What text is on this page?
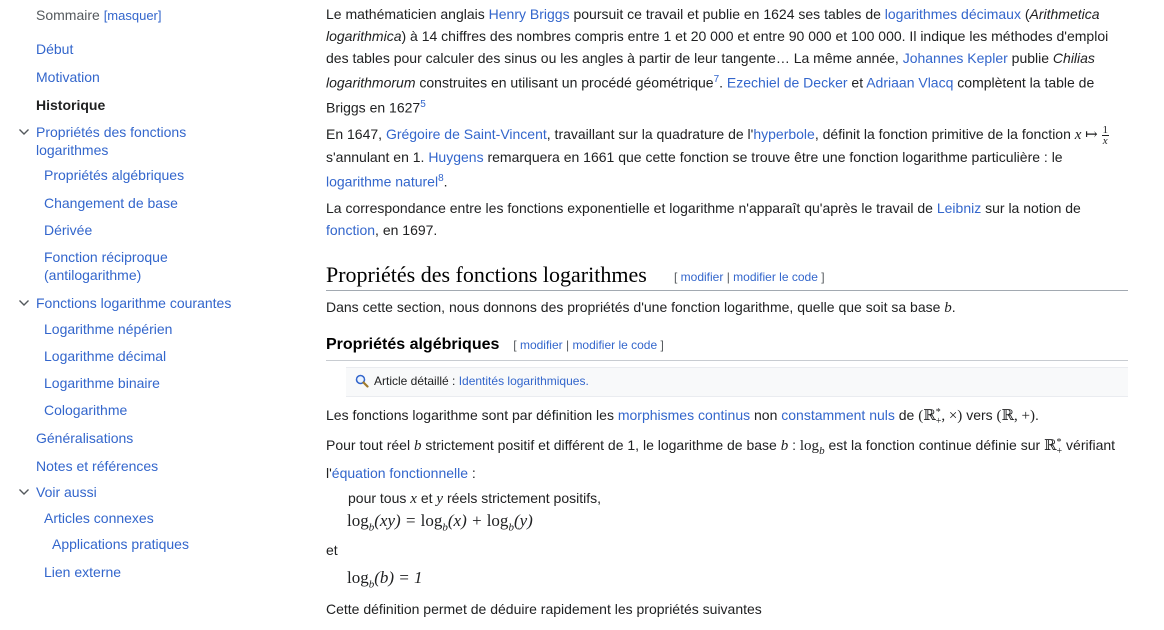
Sommaire [masquer]
Début
Motivation
Historique
Propriétés des fonctions logarithmes
Propriétés algébriques
Changement de base
Dérivée
Fonction réciproque (antilogarithme)
Fonctions logarithme courantes
Logarithme népérien
Logarithme décimal
Logarithme binaire
Cologarithme
Généralisations
Notes et références
Voir aussi
Articles connexes
Applications pratiques
Lien externe

Le mathématicien anglais Henry Briggs poursuit ce travail et publie en 1624 ses tables de logarithmes décimaux (Arithmetica logarithmica) à 14 chiffres des nombres compris entre 1 et 20 000 et entre 90 000 et 100 000. Il indique les méthodes d'emploi des tables pour calculer des sinus ou les angles à partir de leur tangente… La même année, Johannes Kepler publie Chilias logarithmorum construites en utilisant un procédé géométrique$^7$. Ezechiel de Decker et Adriaan Vlacq complètent la table de Briggs en 1627$^5$

En 1647, Grégoire de Saint-Vincent, travaillant sur la quadrature de l'hyperbole, définit la fonction primitive de la fonction x ↦ $\frac{1}{x}$
s'annulant en 1. Huygens remarquera en 1661 que cette fonction se trouve être une fonction logarithme particulière : le logarithme naturel$^8$.

La correspondance entre les fonctions exponentielle et logarithme n'apparaît qu'après le travail de Leibniz sur la notion de fonction, en 1697.

Propriétés des fonctions logarithmes [ modifier | modifier le code ]

Dans cette section, nous donnons des propriétés d'une fonction logarithme, quelle que soit sa base b.

Propriétés algébriques [ modifier | modifier le code ]
Article détaillé : Identités logarithmiques.

Les fonctions logarithme sont par définition les morphismes continus non constamment nuls de (ℝ *
+ , ×) vers (ℝ, +).

Pour tout réel b strictement positif et différent de 1, le logarithme de base b : $\log_b$ est la fonction continue définie sur ℝ *
+ vérifiant l'équation fonctionnelle :

pour tous x et y réels strictement positifs,

$\log_b(xy) = \log_b(x) + \log_b(y)$

et

$\log_b(b) = 1$

Cette définition permet de déduire rapidement les propriétés suivantes
